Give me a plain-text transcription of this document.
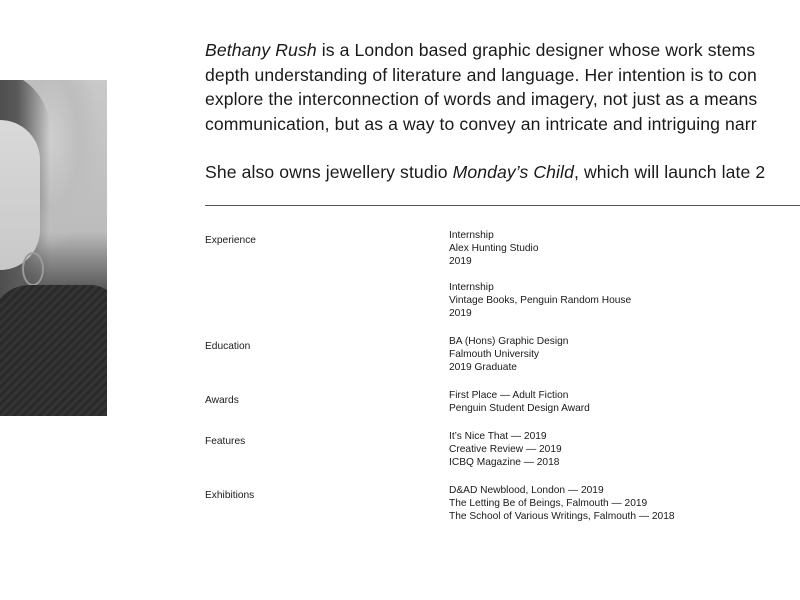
Bethany Rush is a London based graphic designer whose work stems
depth understanding of literature and language. Her intention is to con
explore the interconnection of words and imagery, not just as a means
communication, but as a way to convey an intricate and intriguing narr

She also owns jewellery studio Monday’s Child, which will launch late 2

Experience	Internship
Alex Hunting Studio
2019
Internship
Vintage Books, Penguin Random House
2019
Education	BA (Hons) Graphic Design
Falmouth University
2019 Graduate
Awards	First Place — Adult Fiction
Penguin Student Design Award
Features	It’s Nice That — 2019
Creative Review — 2019
ICBQ Magazine — 2018
Exhibitions	D&AD Newblood, London — 2019
The Letting Be of Beings, Falmouth — 2019
The School of Various Writings, Falmouth — 2018
